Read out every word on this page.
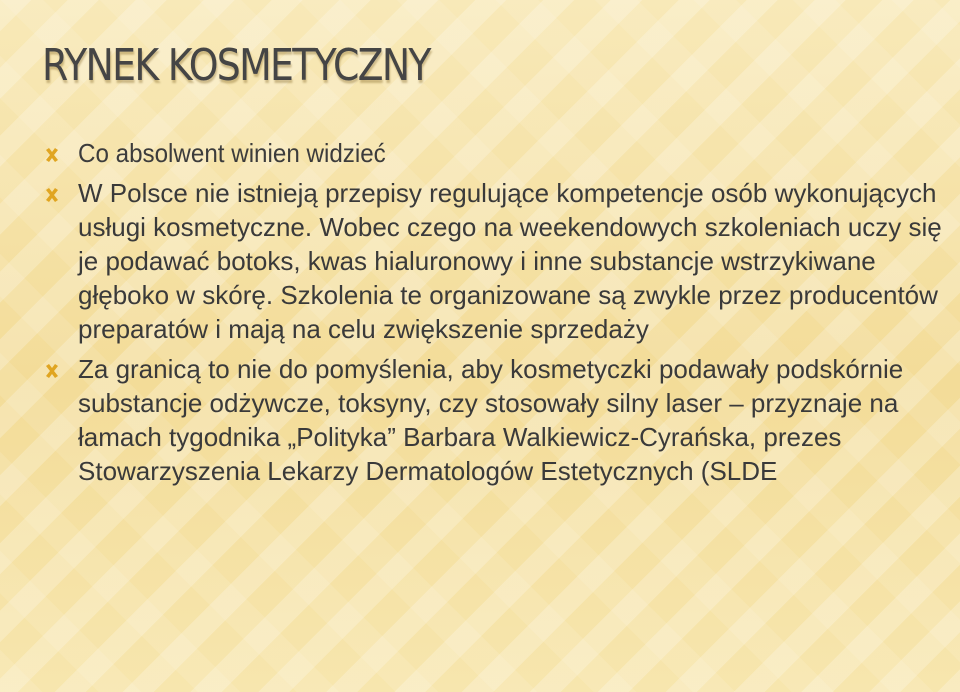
RYNEK KOSMETYCZNY
Co absolwent winien widzieć
W Polsce nie istnieją przepisy regulujące kompetencje osób wykonujących usługi kosmetyczne. Wobec czego na weekendowych szkoleniach uczy się je podawać botoks, kwas hialuronowy i inne substancje wstrzykiwane głęboko w skórę. Szkolenia te organizowane są zwykle przez producentów preparatów i mają na celu zwiększenie sprzedaży
Za granicą to nie do pomyślenia, aby kosmetyczki podawały podskórnie substancje odżywcze, toksyny, czy stosowały silny laser – przyznaje na łamach tygodnika „Polityka” Barbara Walkiewicz-Cyrańska, prezes Stowarzyszenia Lekarzy Dermatologów Estetycznych (SLDE
